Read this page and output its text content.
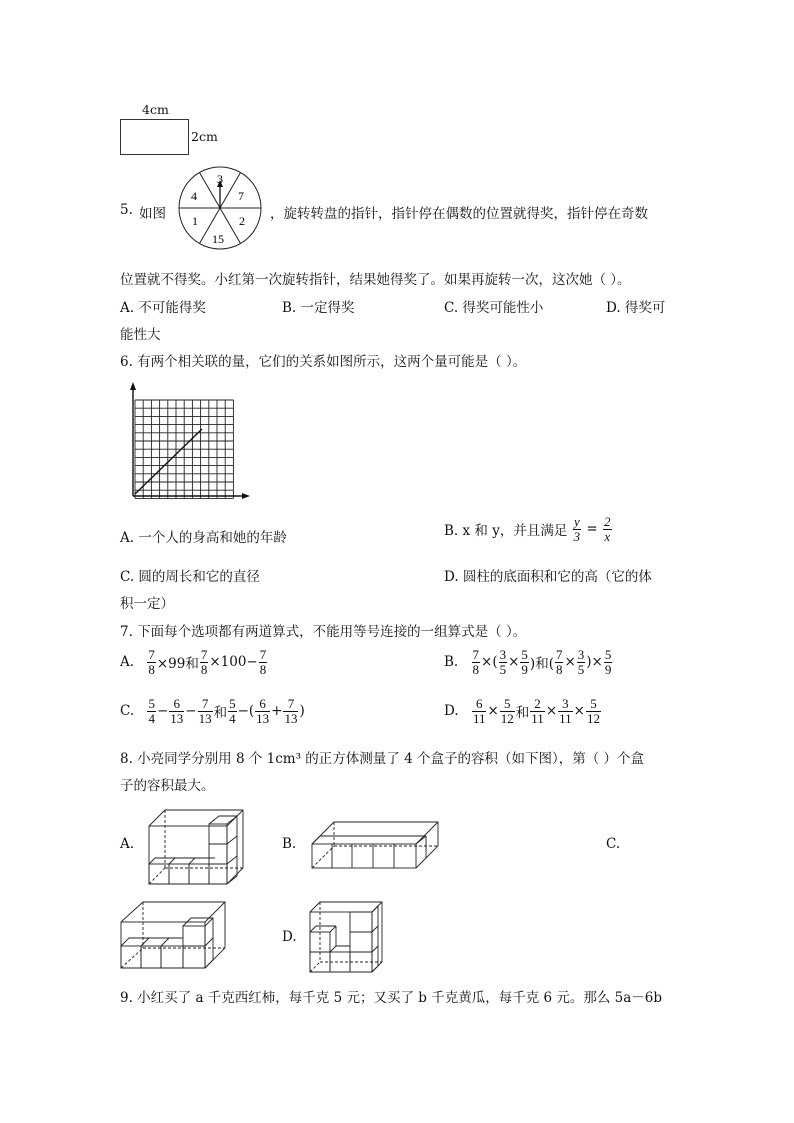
4cm
2cm
5. 如图
3
7
2
15
1
4
，旋转转盘的指针，指针停在偶数的位置就得奖，指针停在奇数
位置就不得奖。小红第一次旋转指针，结果她得奖了。如果再旋转一次，这次她（ ）。
A. 不可能得奖	B. 一定得奖	C. 得奖可能性小	D. 得奖可
能性大
6. 有两个相关联的量，它们的关系如图所示，这两个量可能是（ ）。
A. 一个人的身高和她的年龄	B. x 和 y，并且满足 $\frac{y}{3} = \frac{2}{x}$
C. 圆的周长和它的直径	D. 圆柱的底面积和它的高（它的体
积一定）
7. 下面每个选项都有两道算式，不能用等号连接的一组算式是（ ）。
A. $\frac{7}{8} \times 99$和 $\frac{7}{8} \times 100- \frac{7}{8}$	B. $\frac{7}{8}$ ×( $\frac{3}{5} \times \frac{5}{9}$ )和( $\frac{7}{8} \times \frac{3}{5}$ )× $\frac{5}{9}$
C. $\frac{5}{4} - \frac{6}{13} - \frac{7}{13}$ 和 $\frac{5}{4}$ −( $\frac{6}{13} + \frac{7}{13}$ )	D. $\frac{6}{11} \times \frac{5}{12}$ 和 $\frac{2}{11} \times \frac{3}{11} \times \frac{5}{12}$
8. 小亮同学分别用 8 个 1cm³ 的正方体测量了 4 个盒子的容积（如下图），第（ ）个盒
子的容积最大。
A.	B.	C.
D.
9. 小红买了 a 千克西红柿，每千克 5 元；又买了 b 千克黄瓜，每千克 6 元。那么 5a－6b
